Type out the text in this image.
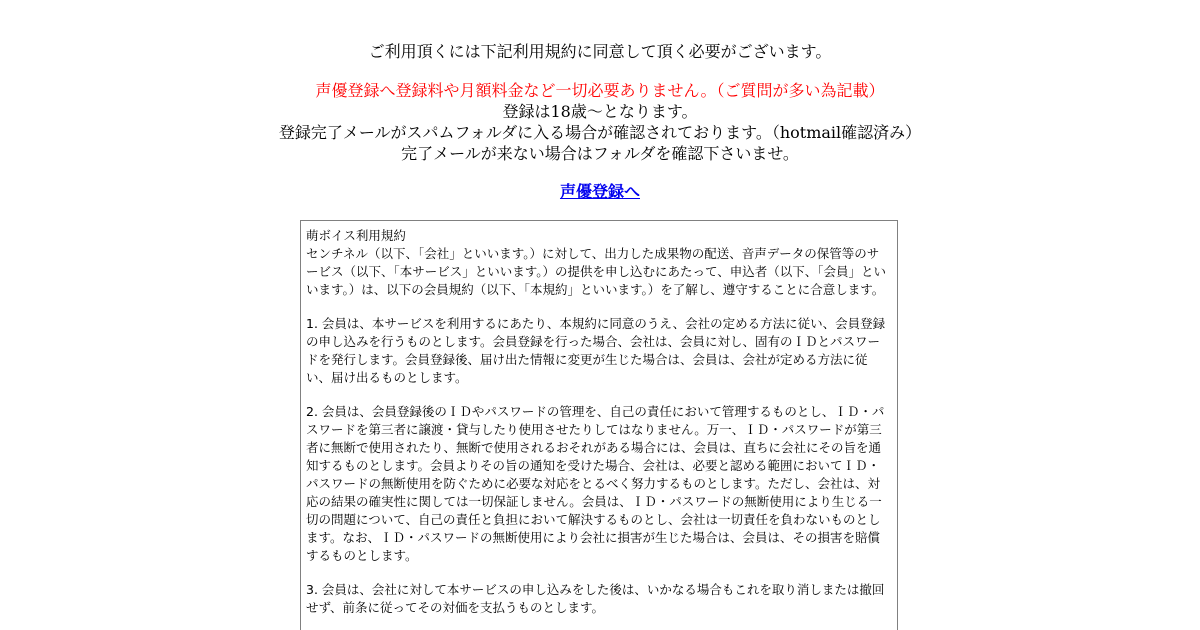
ご利用頂くには下記利用規約に同意して頂く必要がございます。
声優登録へ登録料や月額料金など一切必要ありません。（ご質問が多い為記載）
登録は18歳～となります。
登録完了メールがスパムフォルダに入る場合が確認されております。（hotmail確認済み）
完了メールが来ない場合はフォルダを確認下さいませ。
声優登録へ

萌ボイス利用規約

センチネル（以下、「会社」といいます。）に対して、出力した成果物の配送、音声データの保管等のサービス（以下、「本サービス」といいます。）の提供を申し込むにあたって、申込者（以下、「会員」といいます。）は、以下の会員規約（以下、「本規約」といいます。）を了解し、遵守することに合意します。

1. 会員は、本サービスを利用するにあたり、本規約に同意のうえ、会社の定める方法に従い、会員登録の申し込みを行うものとします。会員登録を行った場合、会社は、会員に対し、固有のＩＤとパスワードを発行します。会員登録後、届け出た情報に変更が生じた場合は、会員は、会社が定める方法に従い、届け出るものとします。

2. 会員は、会員登録後のＩＤやパスワードの管理を、自己の責任において管理するものとし、ＩＤ・パスワードを第三者に譲渡・貸与したり使用させたりしてはなりません。万一、ＩＤ・パスワードが第三者に無断で使用されたり、無断で使用されるおそれがある場合には、会員は、直ちに会社にその旨を通知するものとします。会員よりその旨の通知を受けた場合、会社は、必要と認める範囲においてＩＤ・パスワードの無断使用を防ぐために必要な対応をとるべく努力するものとします。ただし、会社は、対応の結果の確実性に関しては一切保証しません。会員は、ＩＤ・パスワードの無断使用により生じる一切の問題について、自己の責任と負担において解決するものとし、会社は一切責任を負わないものとします。なお、ＩＤ・パスワードの無断使用により会社に損害が生じた場合は、会員は、その損害を賠償するものとします。

3. 会員は、会社に対して本サービスの申し込みをした後は、いかなる場合もこれを取り消しまたは撤回せず、前条に従ってその対価を支払うものとします。
